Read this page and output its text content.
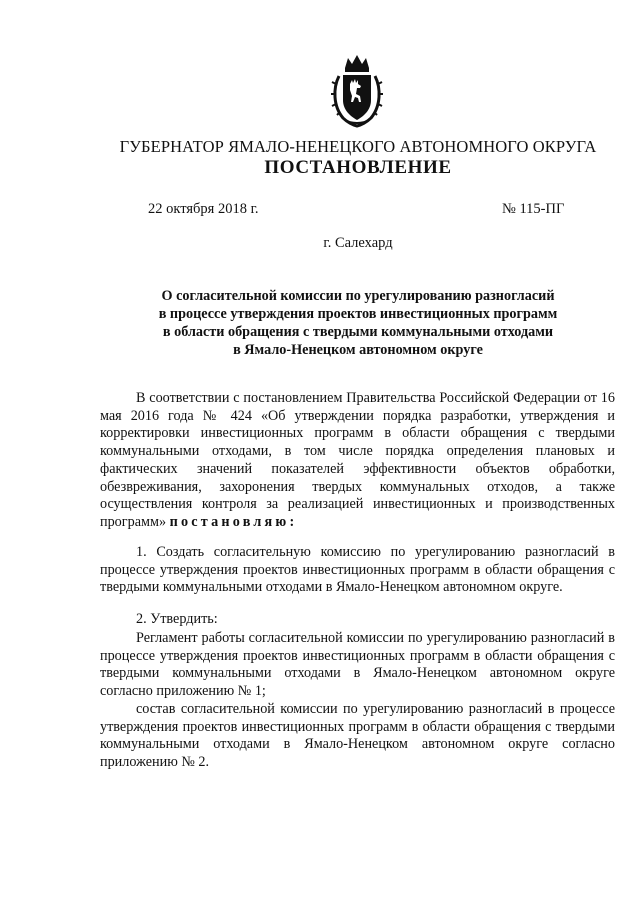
ГУБЕРНАТОР ЯМАЛО-НЕНЕЦКОГО АВТОНОМНОГО ОКРУГА
ПОСТАНОВЛЕНИЕ
22 октября 2018 г.	№ 115-ПГ
г. Салехард
О согласительной комиссии по урегулированию разногласий
в процессе утверждения проектов инвестиционных программ
в области обращения с твердыми коммунальными отходами
в Ямало-Ненецком автономном округе

В соответствии с постановлением Правительства Российской Федерации от 16 мая 2016 года № 424 «Об утверждении порядка разработки, утверждения и корректировки инвестиционных программ в области обращения с твердыми коммунальными отходами, в том числе порядка определения плановых и фактических значений показателей эффективности объектов обработки, обезвреживания, захоронения твердых коммунальных отходов, а также осуществления контроля за реализацией инвестиционных и производственных программ» постановляю:

1. Создать согласительную комиссию по урегулированию разногласий в процессе утверждения проектов инвестиционных программ в области обращения с твердыми коммунальными отходами в Ямало-Ненецком автономном округе.

2. Утвердить:

Регламент работы согласительной комиссии по урегулированию разногласий в процессе утверждения проектов инвестиционных программ в области обращения с твердыми коммунальными отходами в Ямало-Ненецком автономном округе согласно приложению № 1;

состав согласительной комиссии по урегулированию разногласий в процессе утверждения проектов инвестиционных программ в области обращения с твердыми коммунальными отходами в Ямало-Ненецком автономном округе согласно приложению № 2.
